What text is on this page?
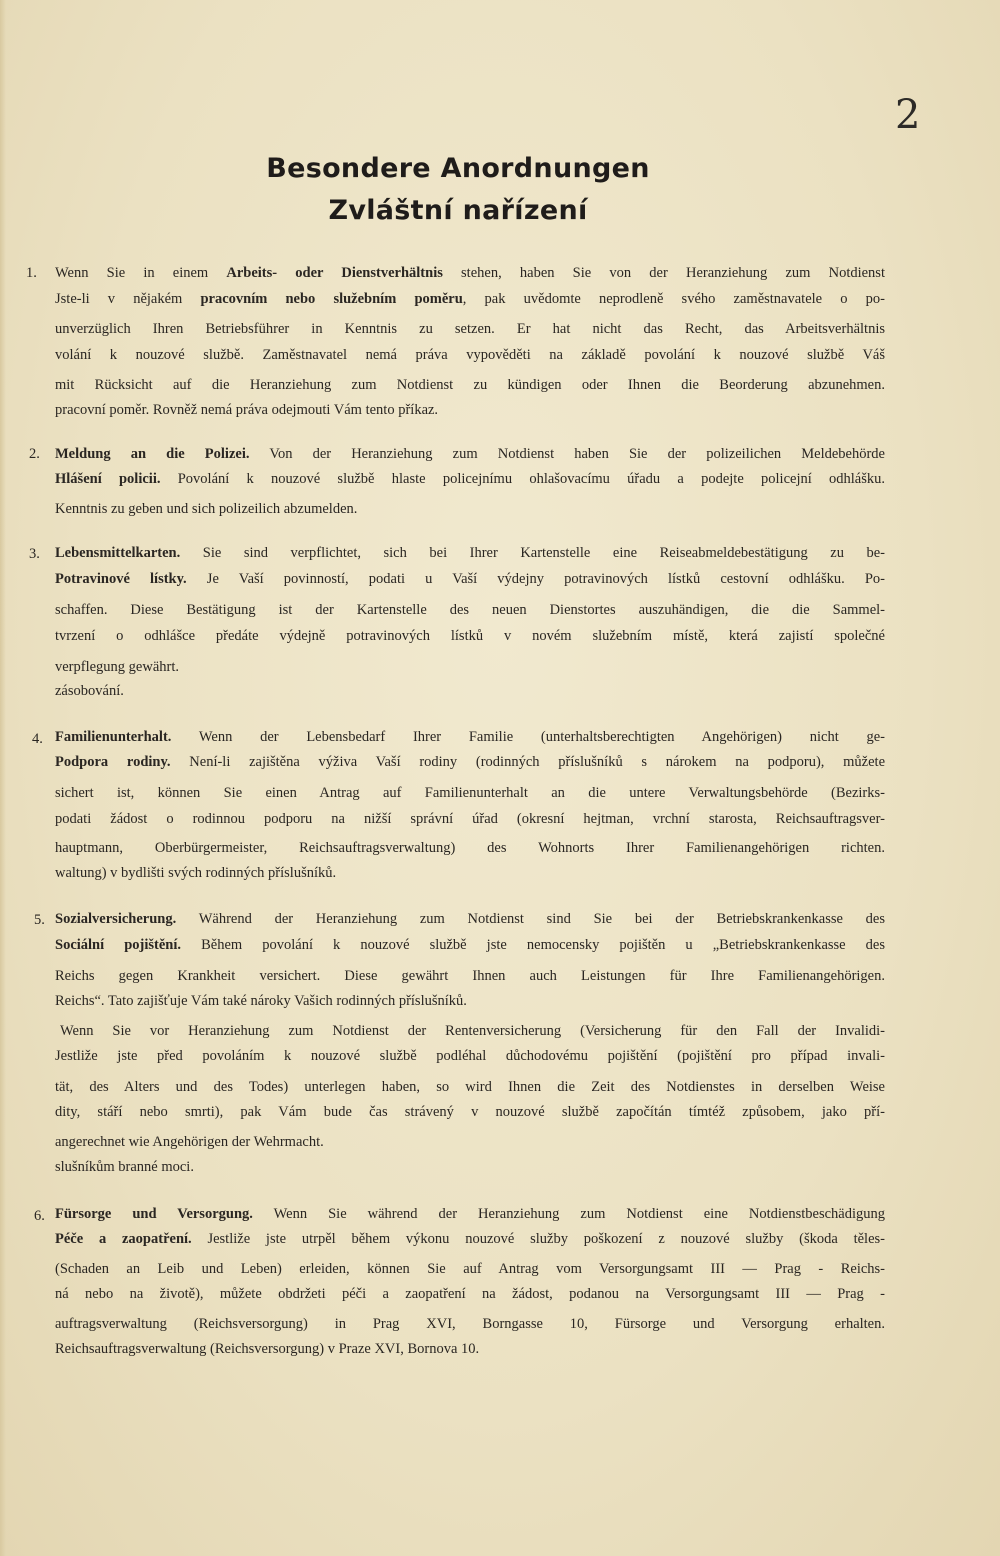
2
Besondere Anordnungen
Zvláštní nařízení
1. Wenn Sie in einem Arbeits- oder Dienstverhältnis stehen, haben Sie von der Heranziehung zum Notdienst
Jste-li v nějakém pracovním nebo služebním poměru, pak uvědomte neprodleně svého zaměstnavatele o po-
unverzüglich Ihren Betriebsführer in Kenntnis zu setzen. Er hat nicht das Recht, das Arbeitsverhältnis
volání k nouzové službě. Zaměstnavatel nemá práva vypověděti na základě povolání k nouzové službě Váš
mit Rücksicht auf die Heranziehung zum Notdienst zu kündigen oder Ihnen die Beorderung abzunehmen.
pracovní poměr. Rovněž nemá práva odejmouti Vám tento příkaz.
2. Meldung an die Polizei. Von der Heranziehung zum Notdienst haben Sie der polizeilichen Meldebehörde
Hlášení policii. Povolání k nouzové službě hlaste policejnímu ohlašovacímu úřadu a podejte policejní odhlášku.
Kenntnis zu geben und sich polizeilich abzumelden.
3. Lebensmittelkarten. Sie sind verpflichtet, sich bei Ihrer Kartenstelle eine Reiseabmeldebestätigung zu be-
Potravinové lístky. Je Vaší povinností, podati u Vaší výdejny potravinových lístků cestovní odhlášku. Po-
schaffen. Diese Bestätigung ist der Kartenstelle des neuen Dienstortes auszuhändigen, die die Sammel-
tvrzení o odhlášce předáte výdejně potravinových lístků v novém služebním místě, která zajistí společné
verpflegung gewährt.
zásobování.
4. Familienunterhalt. Wenn der Lebensbedarf Ihrer Familie (unterhaltsberechtigten Angehörigen) nicht ge-
Podpora rodiny. Není-li zajištěna výživa Vaší rodiny (rodinných příslušníků s nárokem na podporu), můžete
sichert ist, können Sie einen Antrag auf Familienunterhalt an die untere Verwaltungsbehörde (Bezirks-
podati žádost o rodinnou podporu na nižší správní úřad (okresní hejtman, vrchní starosta, Reichsauftragsver-
hauptmann, Oberbürgermeister, Reichsauftragsverwaltung) des Wohnorts Ihrer Familienangehörigen richten.
waltung) v bydlišti svých rodinných příslušníků.
5. Sozialversicherung. Während der Heranziehung zum Notdienst sind Sie bei der Betriebskrankenkasse des
Sociální pojištění. Během povolání k nouzové službě jste nemocensky pojištěn u „Betriebskrankenkasse des
Reichs gegen Krankheit versichert. Diese gewährt Ihnen auch Leistungen für Ihre Familienangehörigen.
Reichs“. Tato zajišťuje Vám také nároky Vašich rodinných příslušníků.
Wenn Sie vor Heranziehung zum Notdienst der Rentenversicherung (Versicherung für den Fall der Invalidi-
Jestliže jste před povoláním k nouzové službě podléhal důchodovému pojištění (pojištění pro případ invali-
tät, des Alters und des Todes) unterlegen haben, so wird Ihnen die Zeit des Notdienstes in derselben Weise
dity, stáří nebo smrti), pak Vám bude čas strávený v nouzové službě započítán tímtéž způsobem, jako pří-
angerechnet wie Angehörigen der Wehrmacht.
slušníkům branné moci.
6. Fürsorge und Versorgung. Wenn Sie während der Heranziehung zum Notdienst eine Notdienstbeschädigung
Péče a zaopatření. Jestliže jste utrpěl během výkonu nouzové služby poškození z nouzové služby (škoda těles-
(Schaden an Leib und Leben) erleiden, können Sie auf Antrag vom Versorgungsamt III — Prag - Reichs-
ná nebo na životě), můžete obdržeti péči a zaopatření na žádost, podanou na Versorgungsamt III — Prag -
auftragsverwaltung (Reichsversorgung) in Prag XVI, Borngasse 10, Fürsorge und Versorgung erhalten.
Reichsauftragsverwaltung (Reichsversorgung) v Praze XVI, Bornova 10.
